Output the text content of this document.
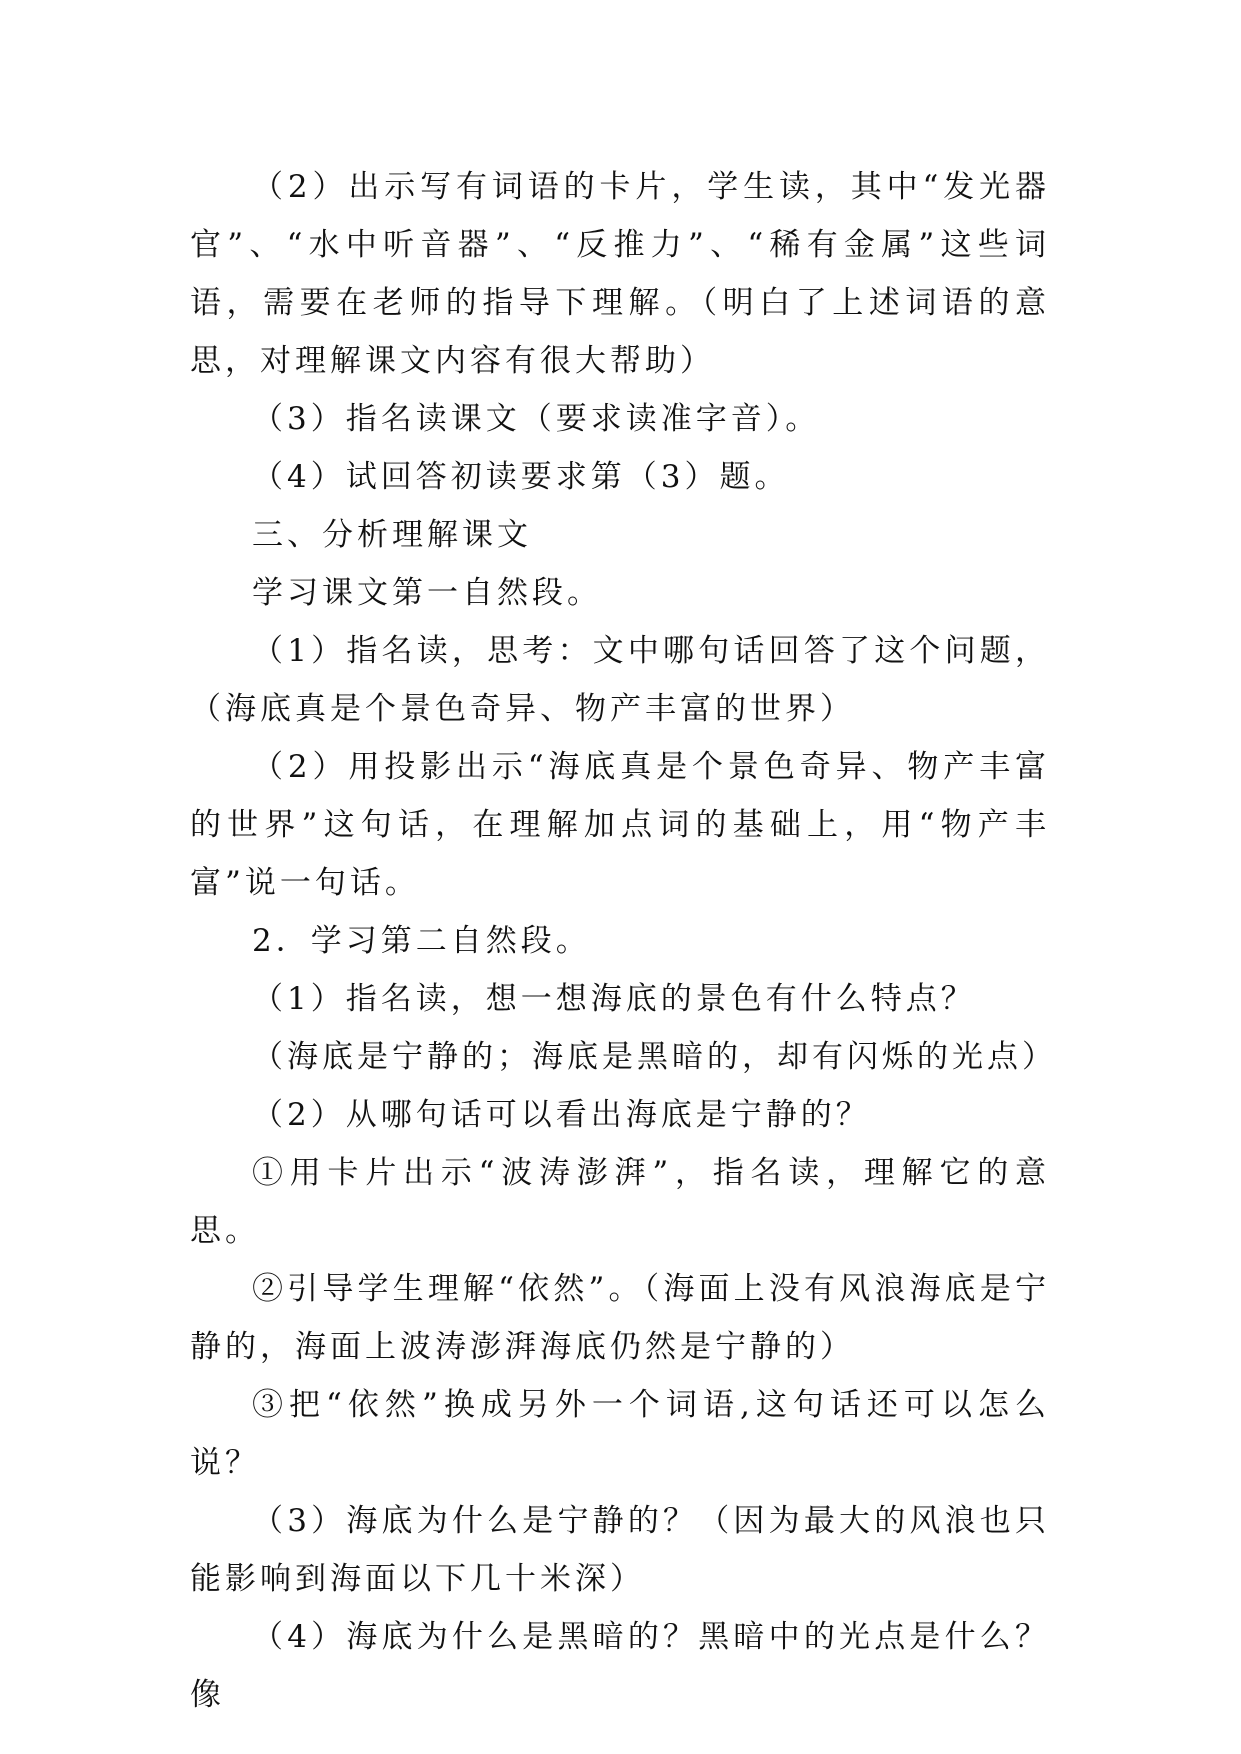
（2）出示写有词语的卡片，学生读，其中“发光器官”、“水中听音器”、“反推力”、“稀有金属”这些词语，需要在老师的指导下理解。（明白了上述词语的意思，对理解课文内容有很大帮助）

（3）指名读课文（要求读准字音）。

（4）试回答初读要求第（3）题。

三、分析理解课文

学习课文第一自然段。

（1）指名读，思考：文中哪句话回答了这个问题，（海底真是个景色奇异、物产丰富的世界）

（2）用投影出示“海底真是个景色奇异、物产丰富的世界”这句话，在理解加点词的基础上，用“物产丰富”说一句话。

2．学习第二自然段。

（1）指名读，想一想海底的景色有什么特点？

（海底是宁静的；海底是黑暗的，却有闪烁的光点）

（2）从哪句话可以看出海底是宁静的？

①用卡片出示“波涛澎湃”，指名读，理解它的意思。

②引导学生理解“依然”。（海面上没有风浪海底是宁静的，海面上波涛澎湃海底仍然是宁静的）

③把“依然”换成另外一个词语,这句话还可以怎么说？

（3）海底为什么是宁静的？（因为最大的风浪也只能影响到海面以下几十米深）

（4）海底为什么是黑暗的？黑暗中的光点是什么？像
